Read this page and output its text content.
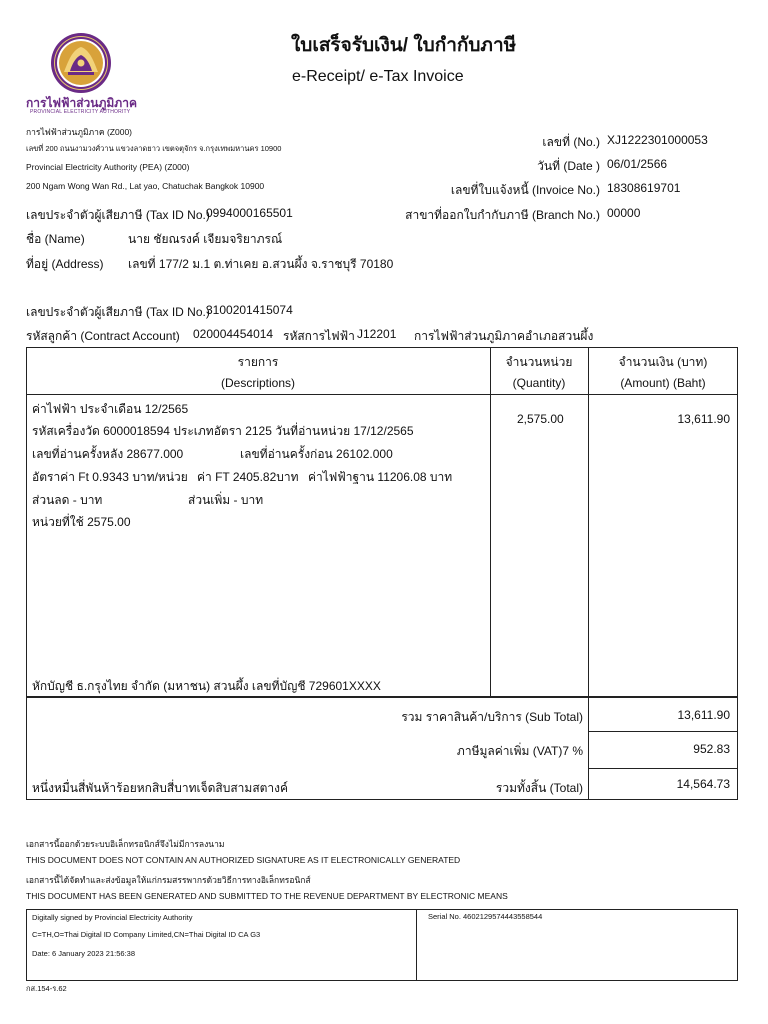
การไฟฟ้าส่วนภูมิภาค
PROVINCIAL ELECTRICITY AUTHORITY
ใบเสร็จรับเงิน/ ใบกำกับภาษี
e-Receipt/ e-Tax Invoice
การไฟฟ้าส่วนภูมิภาค (Z000)
เลขที่ 200 ถนนงามวงศ์วาน แขวงลาดยาว เขตจตุจักร จ.กรุงเทพมหานคร 10900
Provincial Electricity Authority (PEA) (Z000)
200 Ngam Wong Wan Rd., Lat yao, Chatuchak Bangkok 10900
เลขที่ (No.) XJ1222301000053
วันที่ (Date ) 06/01/2566
เลขที่ใบแจ้งหนี้ (Invoice No.) 18308619701
สาขาที่ออกใบกำกับภาษี (Branch No.) 00000
เลขประจำตัวผู้เสียภาษี (Tax ID No.)
0994000165501
ชื่อ (Name)	นาย ชัยณรงค์ เจียมจริยาภรณ์
ที่อยู่ (Address) เลขที่ 177/2 ม.1 ต.ท่าเคย อ.สวนผึ้ง จ.ราชบุรี 70180
เลขประจำตัวผู้เสียภาษี (Tax ID No.)
3100201415074
รหัสลูกค้า (Contract Account) 020004454014 รหัสการไฟฟ้า J12201 การไฟฟ้าส่วนภูมิภาคอำเภอสวนผึ้ง
รายการ
(Descriptions)
จำนวนหน่วย
(Quantity)
จำนวนเงิน (บาท)
(Amount) (Baht)
ค่าไฟฟ้า ประจำเดือน 12/2565
รหัสเครื่องวัด 6000018594 ประเภทอัตรา 2125 วันที่อ่านหน่วย 17/12/2565
เลขที่อ่านครั้งหลัง 28677.000	เลขที่อ่านครั้งก่อน 26102.000
อัตราค่า Ft 0.9343 บาท/หน่วย ค่า FT 2405.82บาท ค่าไฟฟ้าฐาน 11206.08 บาท
ส่วนลด - บาท	ส่วนเพิ่ม - บาท
หน่วยที่ใช้ 2575.00
2,575.00	13,611.90
หักบัญชี ธ.กรุงไทย จำกัด (มหาชน) สวนผึ้ง เลขที่บัญชี 729601XXXX
รวม ราคาสินค้า/บริการ (Sub Total)	13,611.90
ภาษีมูลค่าเพิ่ม (VAT)7 %	952.83
หนึ่งหมื่นสี่พันห้าร้อยหกสิบสี่บาทเจ็ดสิบสามสตางค์	รวมทั้งสิ้น (Total)	14,564.73
เอกสารนี้ออกด้วยระบบอิเล็กทรอนิกส์จึงไม่มีการลงนาม
THIS DOCUMENT DOES NOT CONTAIN AN AUTHORIZED SIGNATURE AS IT ELECTRONICALLY GENERATED
เอกสารนี้ได้จัดทำและส่งข้อมูลให้แก่กรมสรรพากรด้วยวิธีการทางอิเล็กทรอนิกส์
THIS DOCUMENT HAS BEEN GENERATED AND SUBMITTED TO THE REVENUE DEPARTMENT BY ELECTRONIC MEANS
Digitally signed by Provincial Electricity Authority
C=TH,O=Thai Digital ID Company Limited,CN=Thai Digital ID CA G3
Date: 6 January 2023 21:56:38
Serial No. 4602129574443558544
กส.154-ร.62
